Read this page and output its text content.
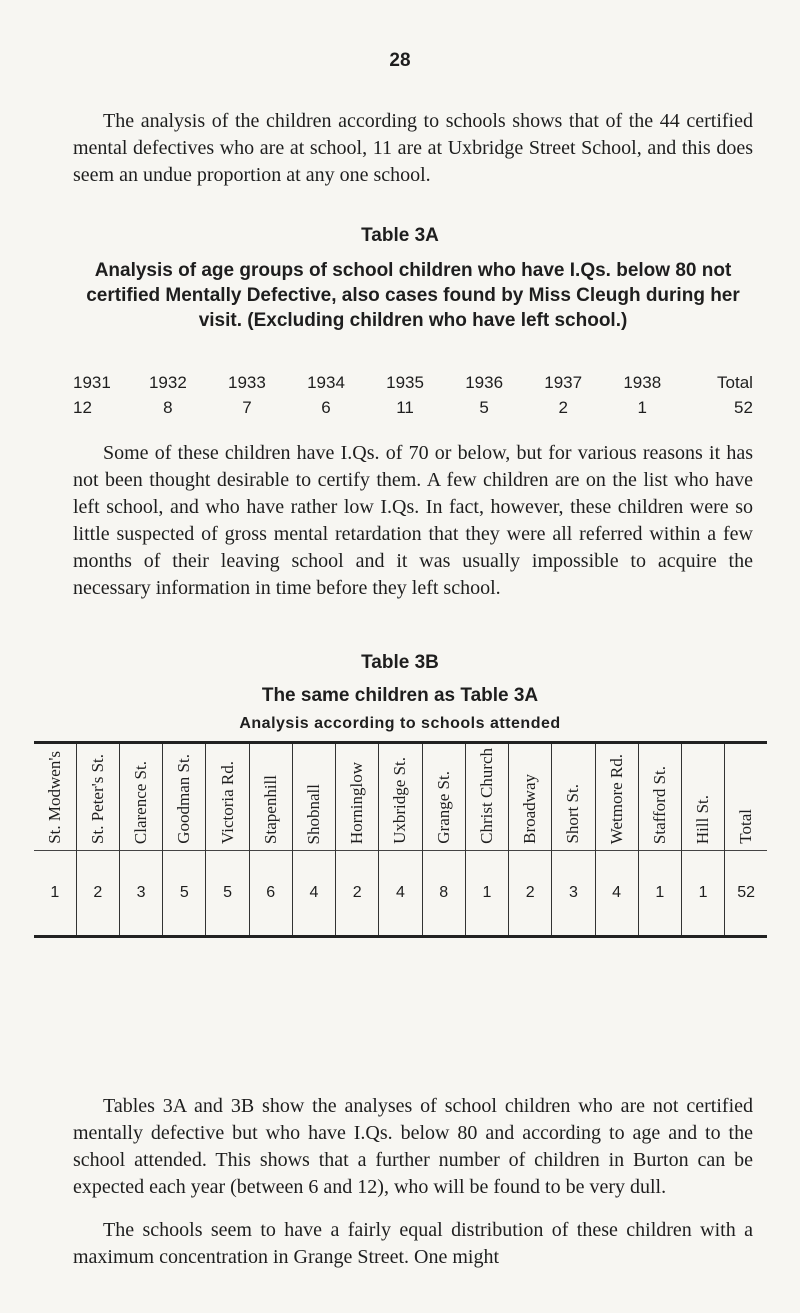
28

The analysis of the children according to schools shows that of the 44 certified mental defectives who are at school, 11 are at Uxbridge Street School, and this does seem an undue proportion at any one school.

Table 3A

Analysis of age groups of school children who have I.Qs. below 80 not certified Mentally Defective, also cases found by Miss Cleugh during her visit. (Excluding children who have left school.)

1931	1932	1933	1934	1935	1936	1937	1938	Total
12	8	7	6	11	5	2	1	52

Some of these children have I.Qs. of 70 or below, but for various reasons it has not been thought desirable to certify them. A few children are on the list who have left school, and who have rather low I.Qs. In fact, however, these children were so little suspected of gross mental retardation that they were all referred within a few months of their leaving school and it was usually impossible to acquire the necessary information in time before they left school.

Table 3B
The same children as Table 3A
Analysis according to schools attended
St. Modwen's	St. Peter's St.	Clarence St.	Goodman St.	Victoria Rd.	Stapenhill	Shobnall	Horninglow	Uxbridge St.	Grange St.	Christ Church	Broadway	Short St.	Wetmore Rd.	Stafford St.	Hill St.	Total

1	2	3	5	5	6	4	2	4	8	1	2	3	4	1	1	52

Tables 3A and 3B show the analyses of school children who are not certified mentally defective but who have I.Qs. below 80 and according to age and to the school attended. This shows that a further number of children in Burton can be expected each year (between 6 and 12), who will be found to be very dull.

The schools seem to have a fairly equal distribution of these children with a maximum concentration in Grange Street. One might
